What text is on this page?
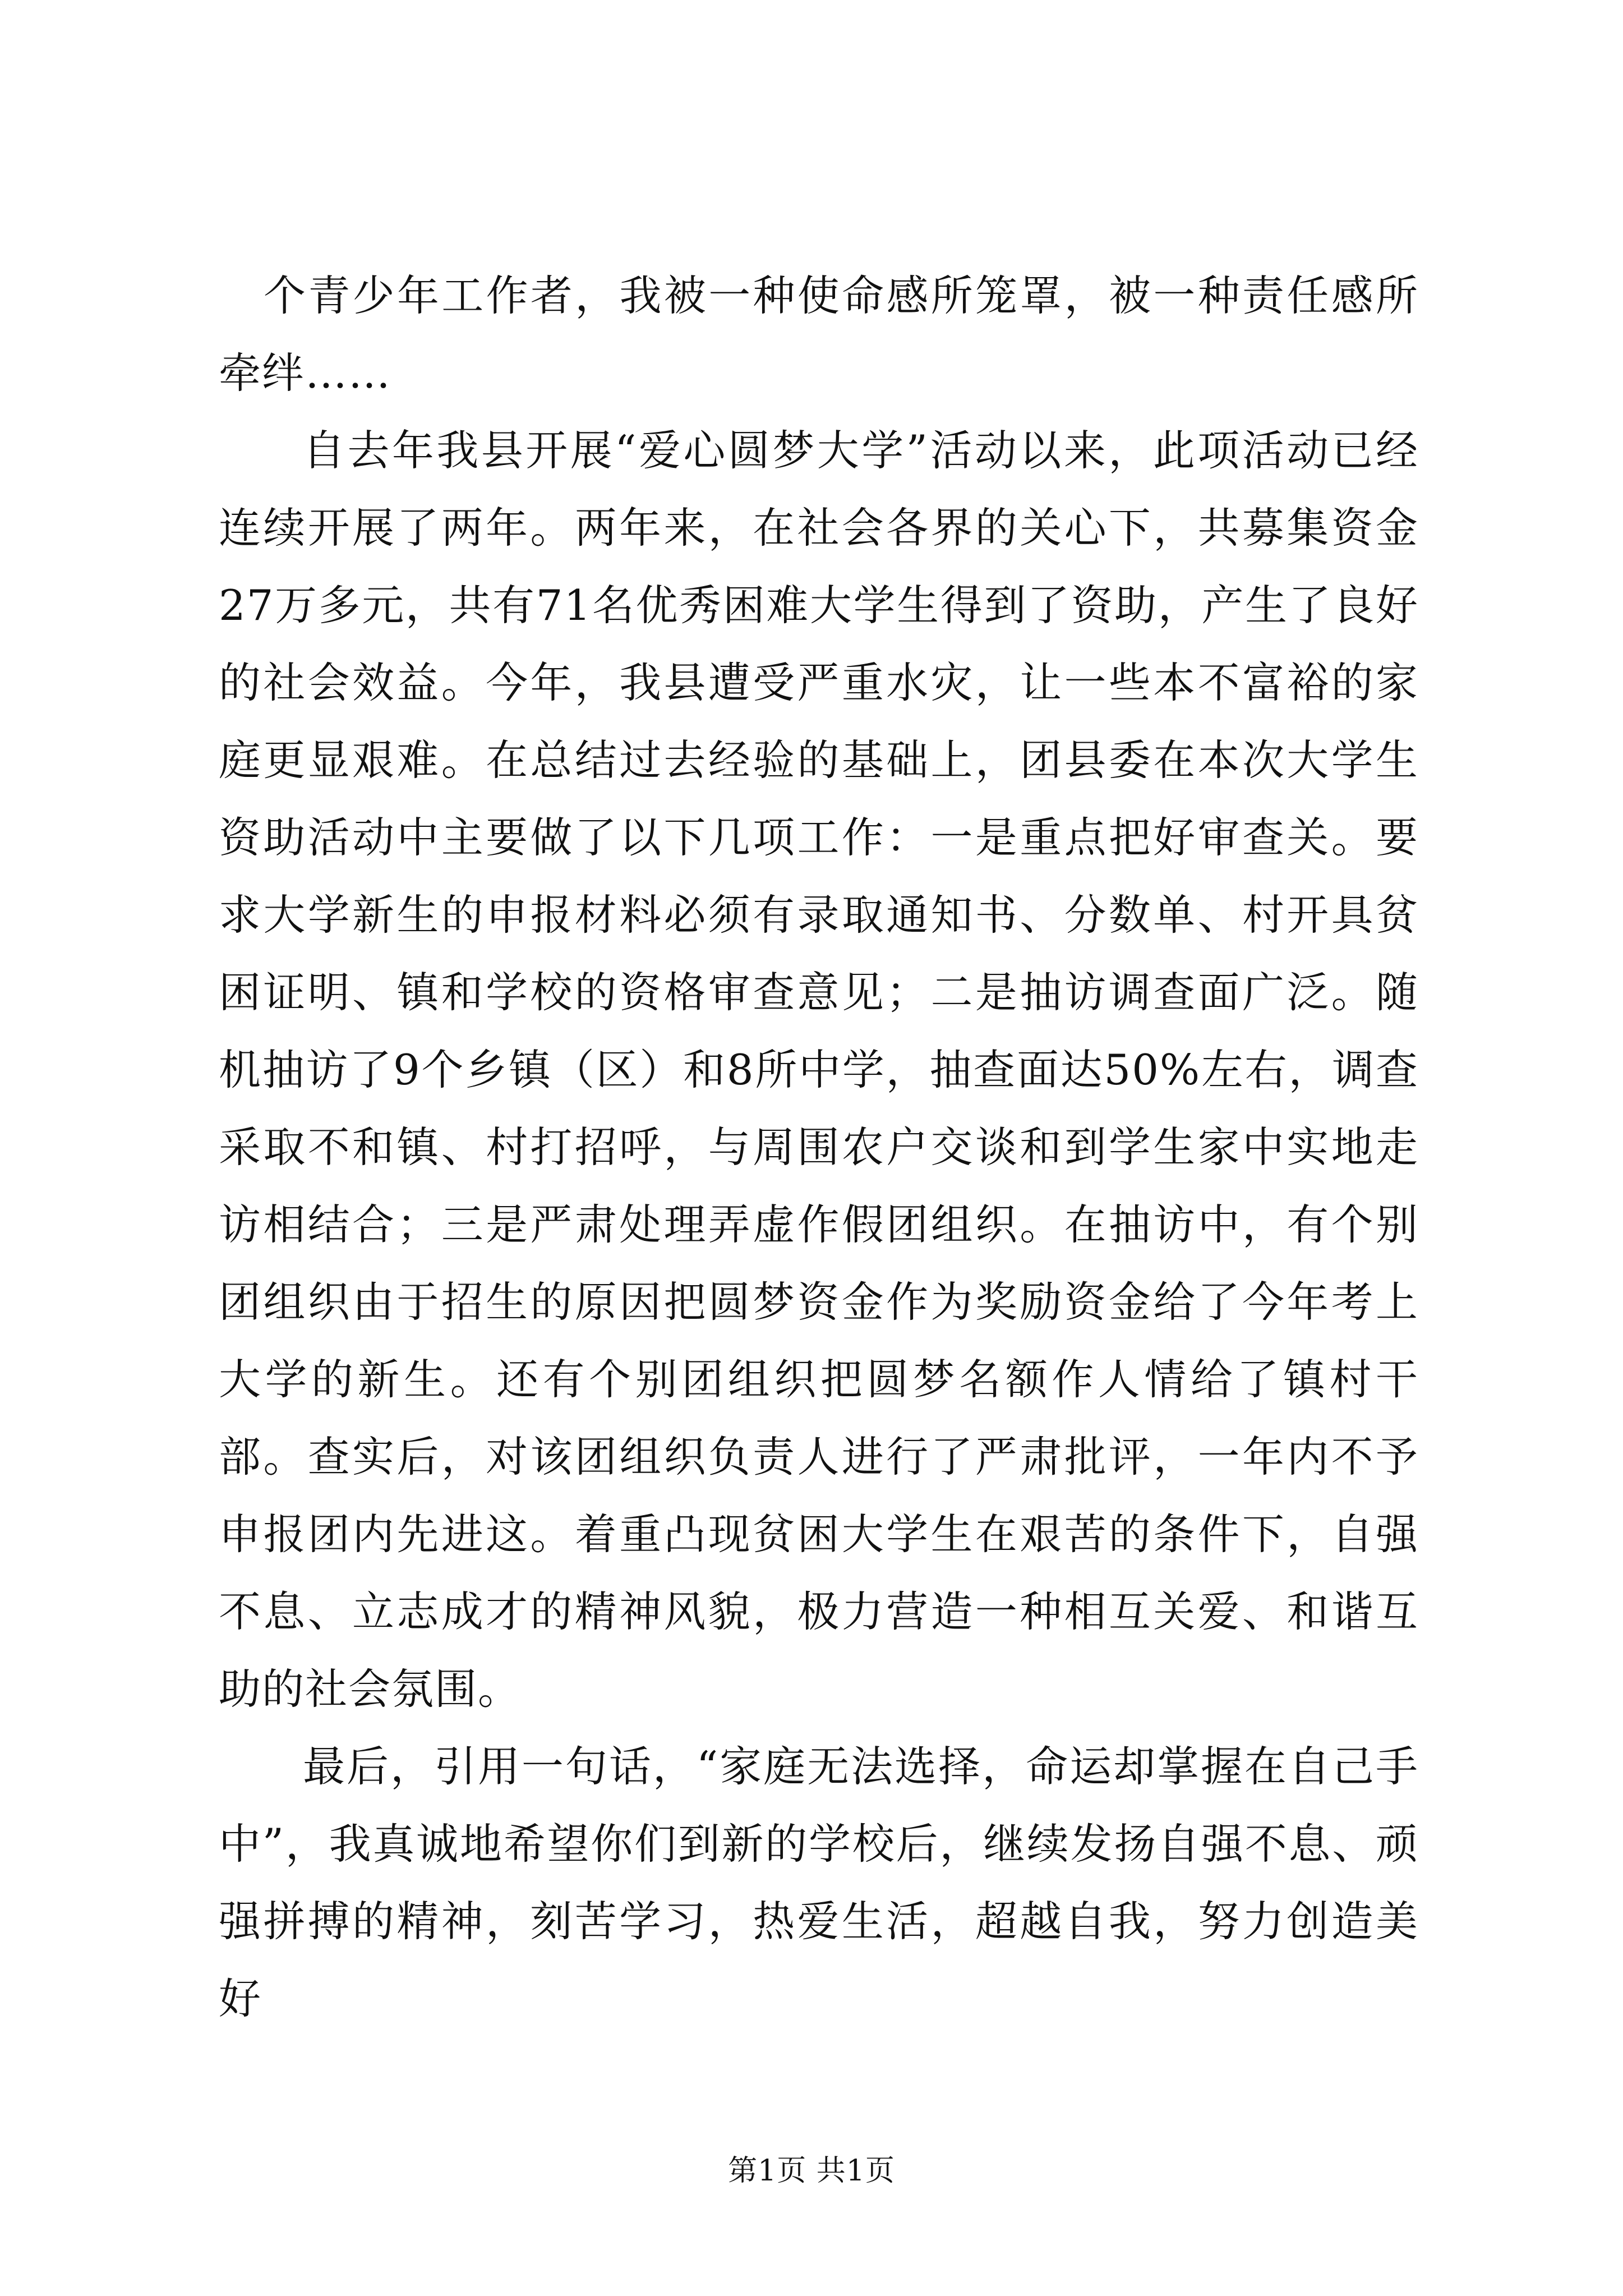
个青少年工作者，我被一种使命感所笼罩，被一种责任感所牵绊……

自去年我县开展“爱心圆梦大学”活动以来，此项活动已经连续开展了两年。两年来，在社会各界的关心下，共募集资金27万多元，共有71名优秀困难大学生得到了资助，产生了良好的社会效益。今年，我县遭受严重水灾，让一些本不富裕的家庭更显艰难。在总结过去经验的基础上，团县委在本次大学生资助活动中主要做了以下几项工作：一是重点把好审查关。要求大学新生的申报材料必须有录取通知书、分数单、村开具贫困证明、镇和学校的资格审查意见；二是抽访调查面广泛。随机抽访了9个乡镇（区）和8所中学，抽查面达50%左右，调查采取不和镇、村打招呼，与周围农户交谈和到学生家中实地走访相结合；三是严肃处理弄虚作假团组织。在抽访中，有个别团组织由于招生的原因把圆梦资金作为奖励资金给了今年考上大学的新生。还有个别团组织把圆梦名额作人情给了镇村干部。查实后，对该团组织负责人进行了严肃批评，一年内不予申报团内先进这。着重凸现贫困大学生在艰苦的条件下，自强不息、立志成才的精神风貌，极力营造一种相互关爱、和谐互助的社会氛围。

最后，引用一句话，“家庭无法选择，命运却掌握在自己手中”，我真诚地希望你们到新的学校后，继续发扬自强不息、顽强拼搏的精神，刻苦学习，热爱生活，超越自我，努力创造美好

第1页 共1页
